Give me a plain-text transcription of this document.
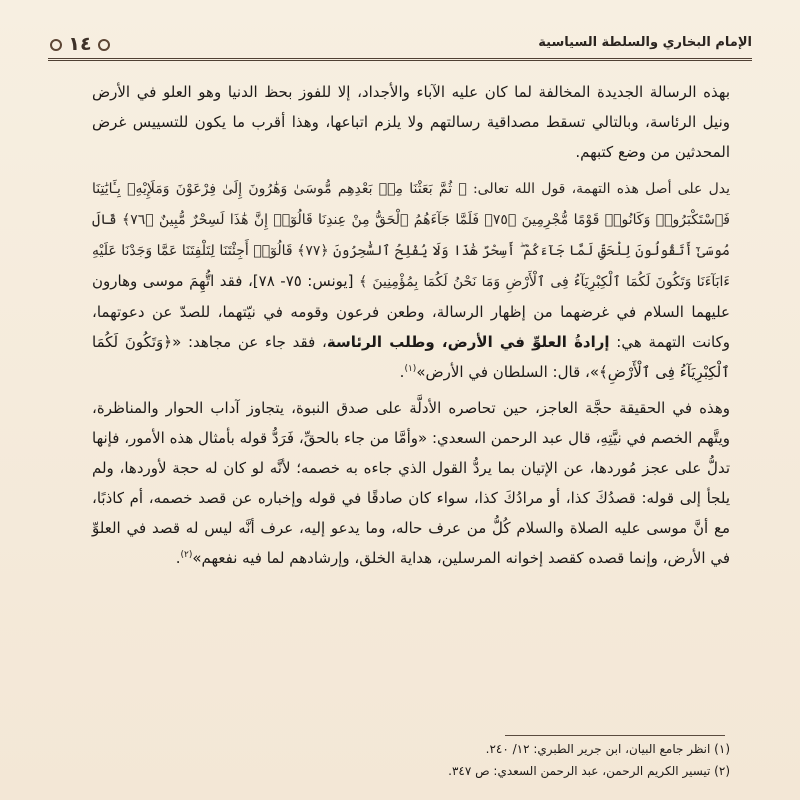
١٤	الإمام البخاري والسلطة السياسية

بهذه الرسالة الجديدة المخالفة لما كان عليه الآباء والأجداد، إلا للفوز بحظ الدنيا وهو العلو في الأرض ونيل الرئاسة، وبالتالي تسقط مصداقية رسالتهم ولا يلزم اتباعها، وهذا أقرب ما يكون للتسييس غرض المحدثين من وضع كتبهم.

يدل على أصل هذه التهمة، قول الله تعالى: ﴿ ثُمَّ بَعَثْنَا مِنۢ بَعْدِهِم مُّوسَىٰ وَهَٰرُونَ إِلَىٰ فِرْعَوْنَ وَمَلَإِيْهِۦ بِـَٔايَٰتِنَا فَٱسْتَكْبَرُوا۟ وَكَانُوا۟ قَوْمًا مُّجْرِمِينَ ﴿٧٥﴾ فَلَمَّا جَآءَهُمُ ٱلْحَقُّ مِنْ عِندِنَا قَالُوٓا۟ إِنَّ هَٰذَا لَسِحْرٌ مُّبِينٌ ﴿٧٦﴾ قَالَ مُوسَىٰٓ أَتَقُولُونَ لِلْحَقِّ لَمَّا جَآءَكُمْ ۖ أَسِحْرٌ هَٰذَا وَلَا يُفْلِحُ ٱلسَّٰحِرُونَ ﴿٧٧﴾ قَالُوٓا۟ أَجِئْتَنَا لِتَلْفِتَنَا عَمَّا وَجَدْنَا عَلَيْهِ ءَابَآءَنَا وَتَكُونَ لَكُمَا ٱلْكِبْرِيَآءُ فِى ٱلْأَرْضِ وَمَا نَحْنُ لَكُمَا بِمُؤْمِنِينَ ﴾ [يونس: ٧٥- ٧٨]، فقد اتُّهِمَ موسى وهارون عليهما السلام في غرضهما من إظهار الرسالة، وطعن فرعون وقومه في نيّتهما، للصدّ عن دعوتهما، وكانت التهمة هي: إرادةُ العلوِّ في الأرض، وطلب الرئاسة، فقد جاء عن مجاهد: «﴿وَتَكُونَ لَكُمَا ٱلْكِبْرِيَآءُ فِى ٱلْأَرْضِ﴾»، قال: السلطان في الأرض»$^{(١)}$.

وهذه في الحقيقة حجَّة العاجز، حين تحاصره الأدلَّة على صدق النبوة، يتجاوز آداب الحوار والمناظرة، ويتَّهم الخصم في نيَّتِهِ، قال عبد الرحمن السعدي: «وأمَّا من جاء بالحقِّ، فَرَدُّ قوله بأمثال هذه الأمور، فإنها تدلُّ على عجز مُوردها، عن الإتيان بما يردُّ القول الذي جاءه به خصمه؛ لأنَّه لو كان له حجة لأوردها، ولم يلجأ إلى قوله: قصدُكَ كذا، أو مرادُكَ كذا، سواء كان صادقًا في قوله وإخباره عن قصد خصمه، أم كاذبًا، مع أنَّ موسى عليه الصلاة والسلام كُلُّ من عرف حاله، وما يدعو إليه، عرف أنَّه ليس له قصد في العلوِّ في الأرض، وإنما قصده كقصد إخوانه المرسلين، هداية الخلق، وإرشادهم لما فيه نفعهم»$^{(٢)}$.

(١) انظر جامع البيان، ابن جرير الطبري: ١٢/ ٢٤٠.

(٢) تيسير الكريم الرحمن، عبد الرحمن السعدي: ص ٣٤٧.
